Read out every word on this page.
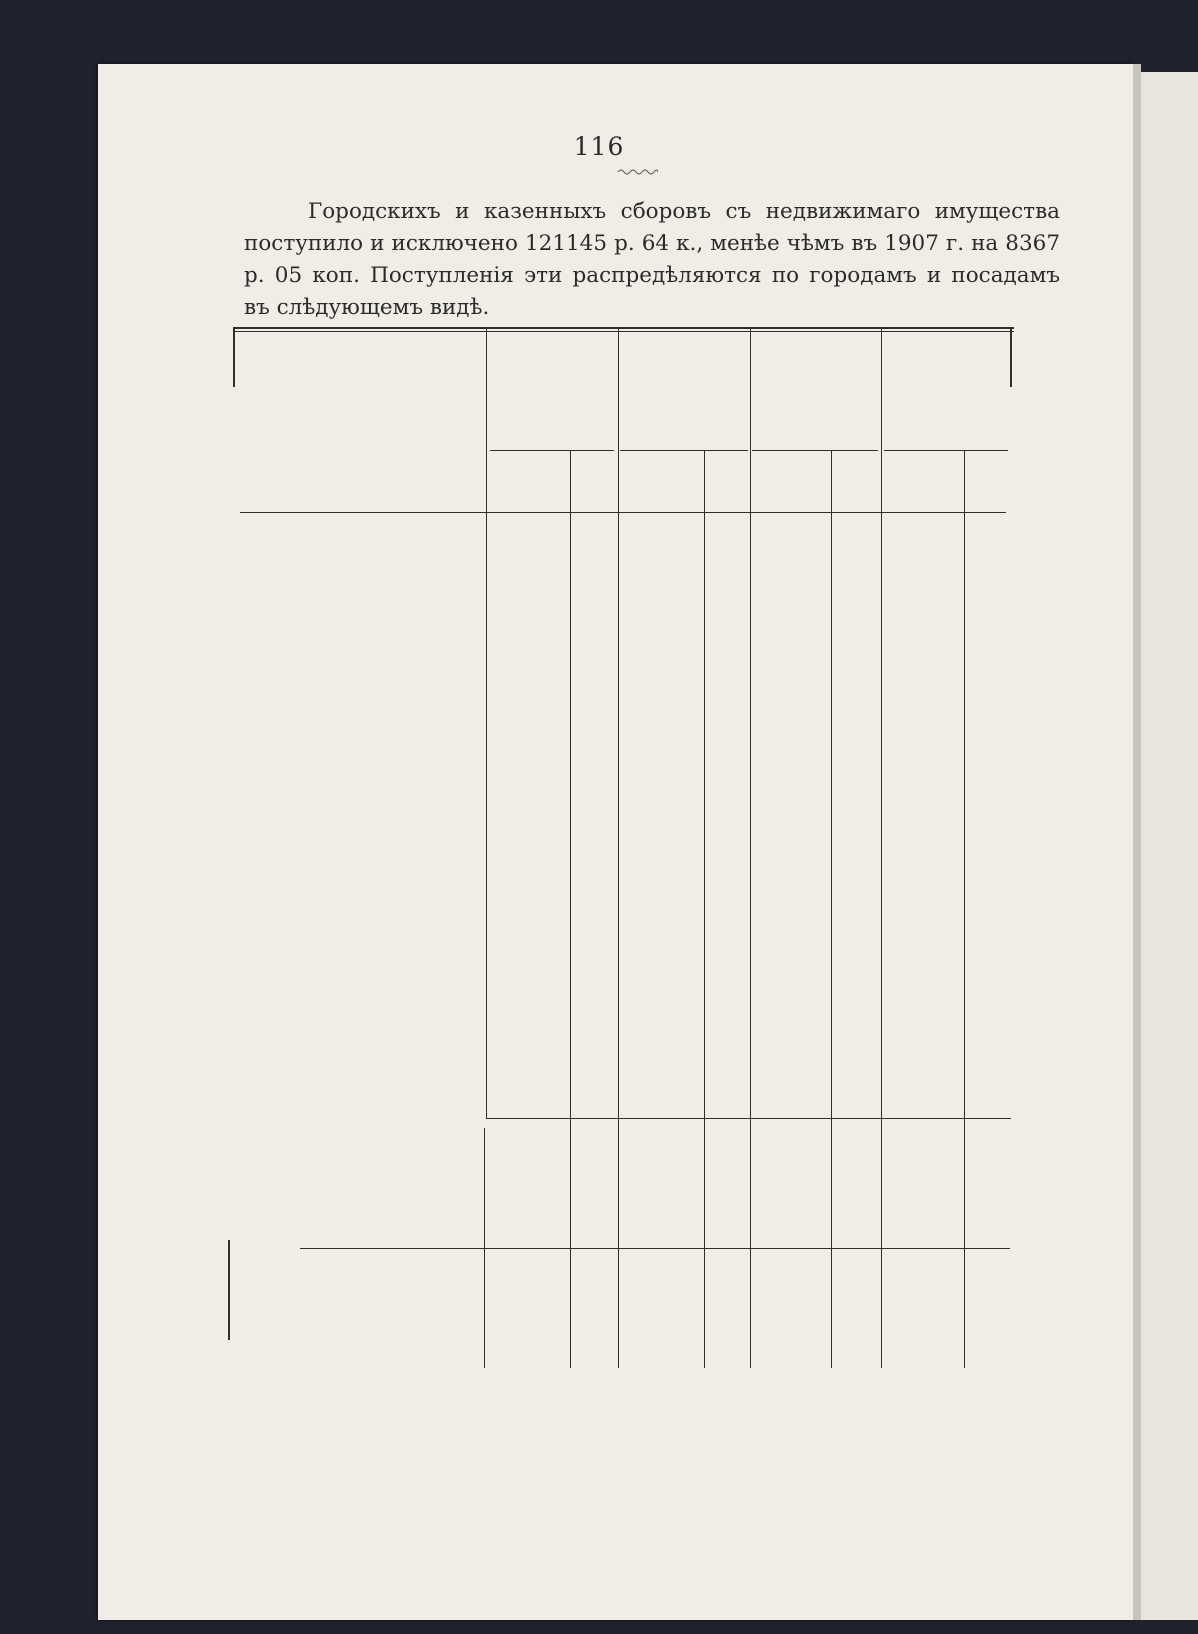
116

Городскихъ и казенныхъ сборовъ съ недвижимаго имущества поступило и исключено 121145 р. 64 к., менѣе чѣмъ въ 1907 г. на 8367 р. 05 коп. Поступленія эти распредѣляются по городамъ и посадамъ въ слѣдующемъ видѣ.
